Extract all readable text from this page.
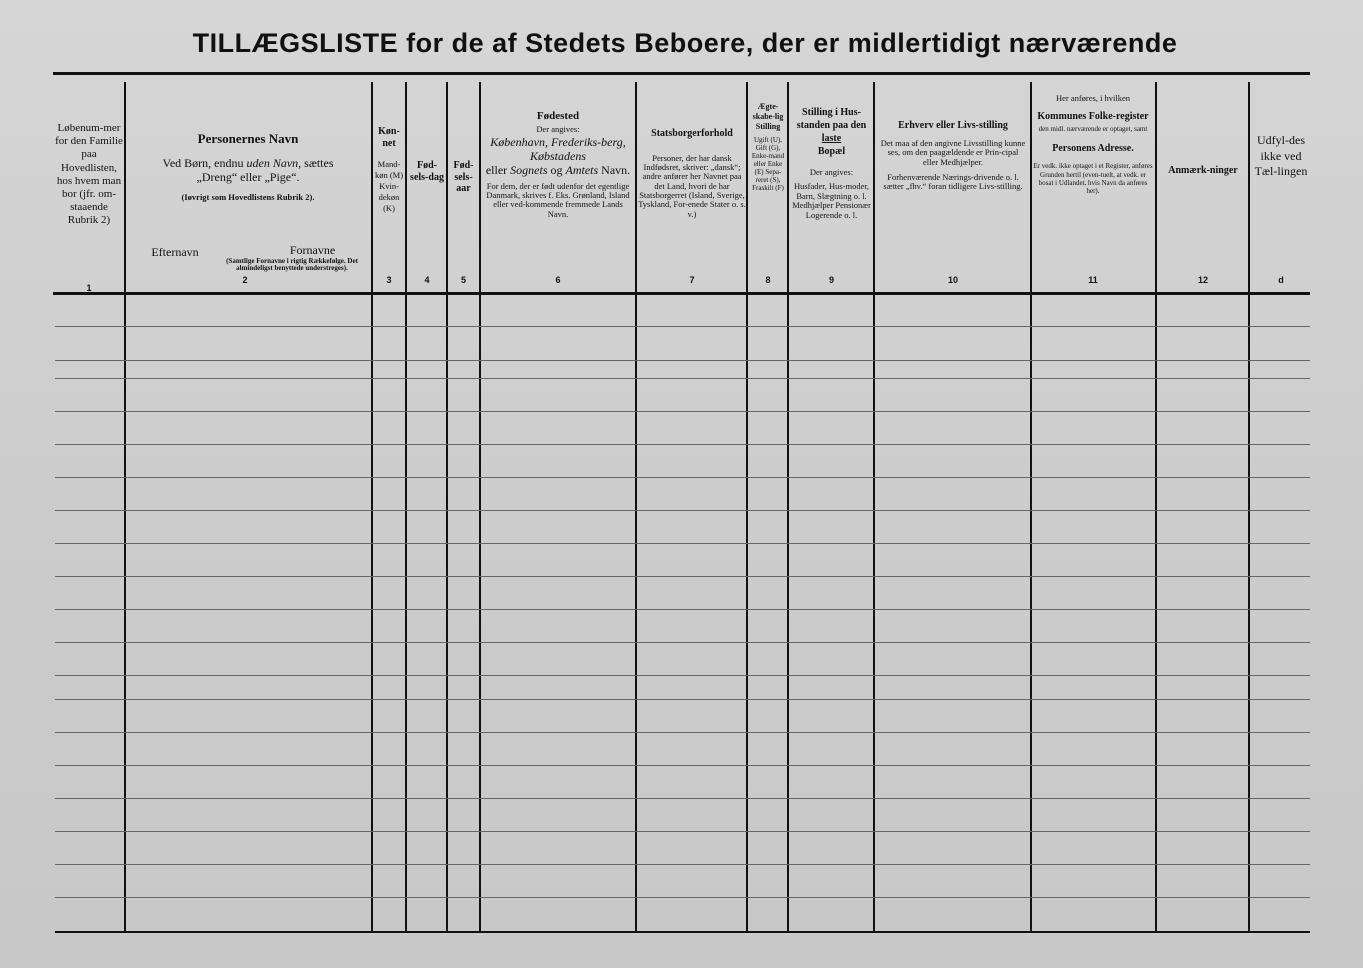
TILLÆGSLISTE for de af Stedets Beboere, der er midlertidigt nærværende
Løbenum-mer for den Familie paa Hovedlisten, hos hvem man bor (jfr. om-staaende Rubrik 2)
1
Personernes Navn
Ved Børn, endnu uden Navn, sættes
„Dreng“ eller „Pige“.
(Iøvrigt som Hovedlistens Rubrik 2).
Efternavn	Fornavne
(Samtlige Fornavne i rigtig Rækkefølge. Det almindeligst benyttede understreges).
2
Køn-net
Mand-køn (M) Kvin-dekøn (K)
3
Fød-sels-dag
4
Fød-sels-aar
5
Fødested
Der angives:
København, Frederiks-berg, Købstadens
eller Sognets og Amtets Navn.
For dem, der er født udenfor det egentlige Danmark, skrives f. Eks. Grønland, Island eller ved-kommende fremmede Lands Navn.
6
Statsborgerforhold
Personer, der har dansk Indfødsret, skriver: „dansk“; andre anfører her Navnet paa det Land, hvori de har Statsborgerret (Island, Sverige, Tyskland, For-enede Stater o. s. v.)
7
Ægte-skabe-lig Stilling
Ugift (U), Gift (G), Enke-mand eller Enke (E) Sepa-reret (S), Fraskilt (F)
8
Stilling i Hus-standen paa den laste
Bopæl
Der angives:
Husfader, Hus-moder, Barn, Slægtning o. l. Medhjælper Pensionær Logerende o. l.
9
Erhverv eller Livs-stilling
Det maa af den angivne Livsstilling kunne ses, om den paagældende er Prin-cipal eller Medhjælper.
Forhenværende Nærings-drivende o. l. sætter „fhv.“ foran tidligere Livs-stilling.
10
Her anføres, i hvilken
Kommunes Folke-register
den midl. nærværende er optaget, samt
Personens Adresse.
Er vedk. ikke optaget i et Register, anføres Grunden hertil (even-tuelt, at vedk. er bosat i Udlandet, hvis Navn da anføres her).
11
Anmærk-ninger
12
Udfyl-des ikke ved Tæl-lingen
d
